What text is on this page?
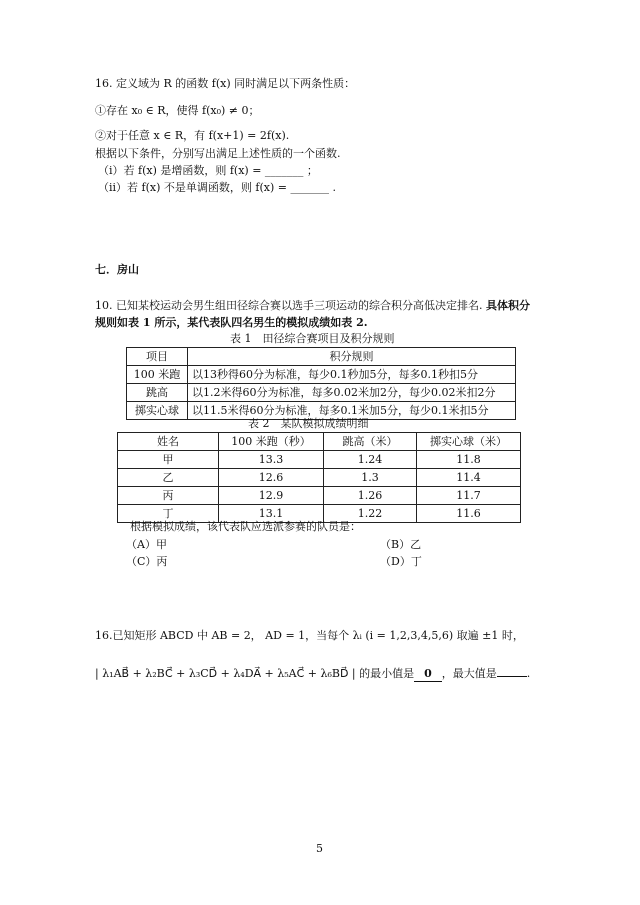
16. 定义域为 R 的函数 f(x) 同时满足以下两条性质：
①存在 x₀ ∈ R，使得 f(x₀) ≠ 0；
②对于任意 x ∈ R，有 f(x+1) = 2f(x).
根据以下条件，分别写出满足上述性质的一个函数.
（i）若 f(x) 是增函数，则 f(x) = _______ ；
（ii）若 f(x) 不是单调函数，则 f(x) = _______ .
七．房山
10. 已知某校运动会男生组田径综合赛以选手三项运动的综合积分高低决定排名. 具体积分
规则如表 1 所示，某代表队四名男生的模拟成绩如表 2.
表 1　田径综合赛项目及积分规则
项目	积分规则
100 米跑	以13秒得60分为标准，每少0.1秒加5分，每多0.1秒扣5分
跳高	以1.2米得60分为标准，每多0.02米加2分，每少0.02米扣2分
掷实心球	以11.5米得60分为标准，每多0.1米加5分，每少0.1米扣5分
表 2　某队模拟成绩明细
姓名	100 米跑（秒）	跳高（米）	掷实心球（米）
甲	13.3	1.24	11.8
乙	12.6	1.3	11.4
丙	12.9	1.26	11.7
丁	13.1	1.22	11.6
根据模拟成绩，该代表队应选派参赛的队员是：
（A）甲	（B）乙
（C）丙	（D）丁
16.已知矩形 ABCD 中 AB = 2， AD = 1，当每个 λᵢ (i = 1,2,3,4,5,6) 取遍 ±1 时，
| λ₁AB⃗ + λ₂BC⃗ + λ₃CD⃗ + λ₄DA⃗ + λ₅AC⃗ + λ₆BD⃗ | 的最小值是 0 ，最大值是	.
5
